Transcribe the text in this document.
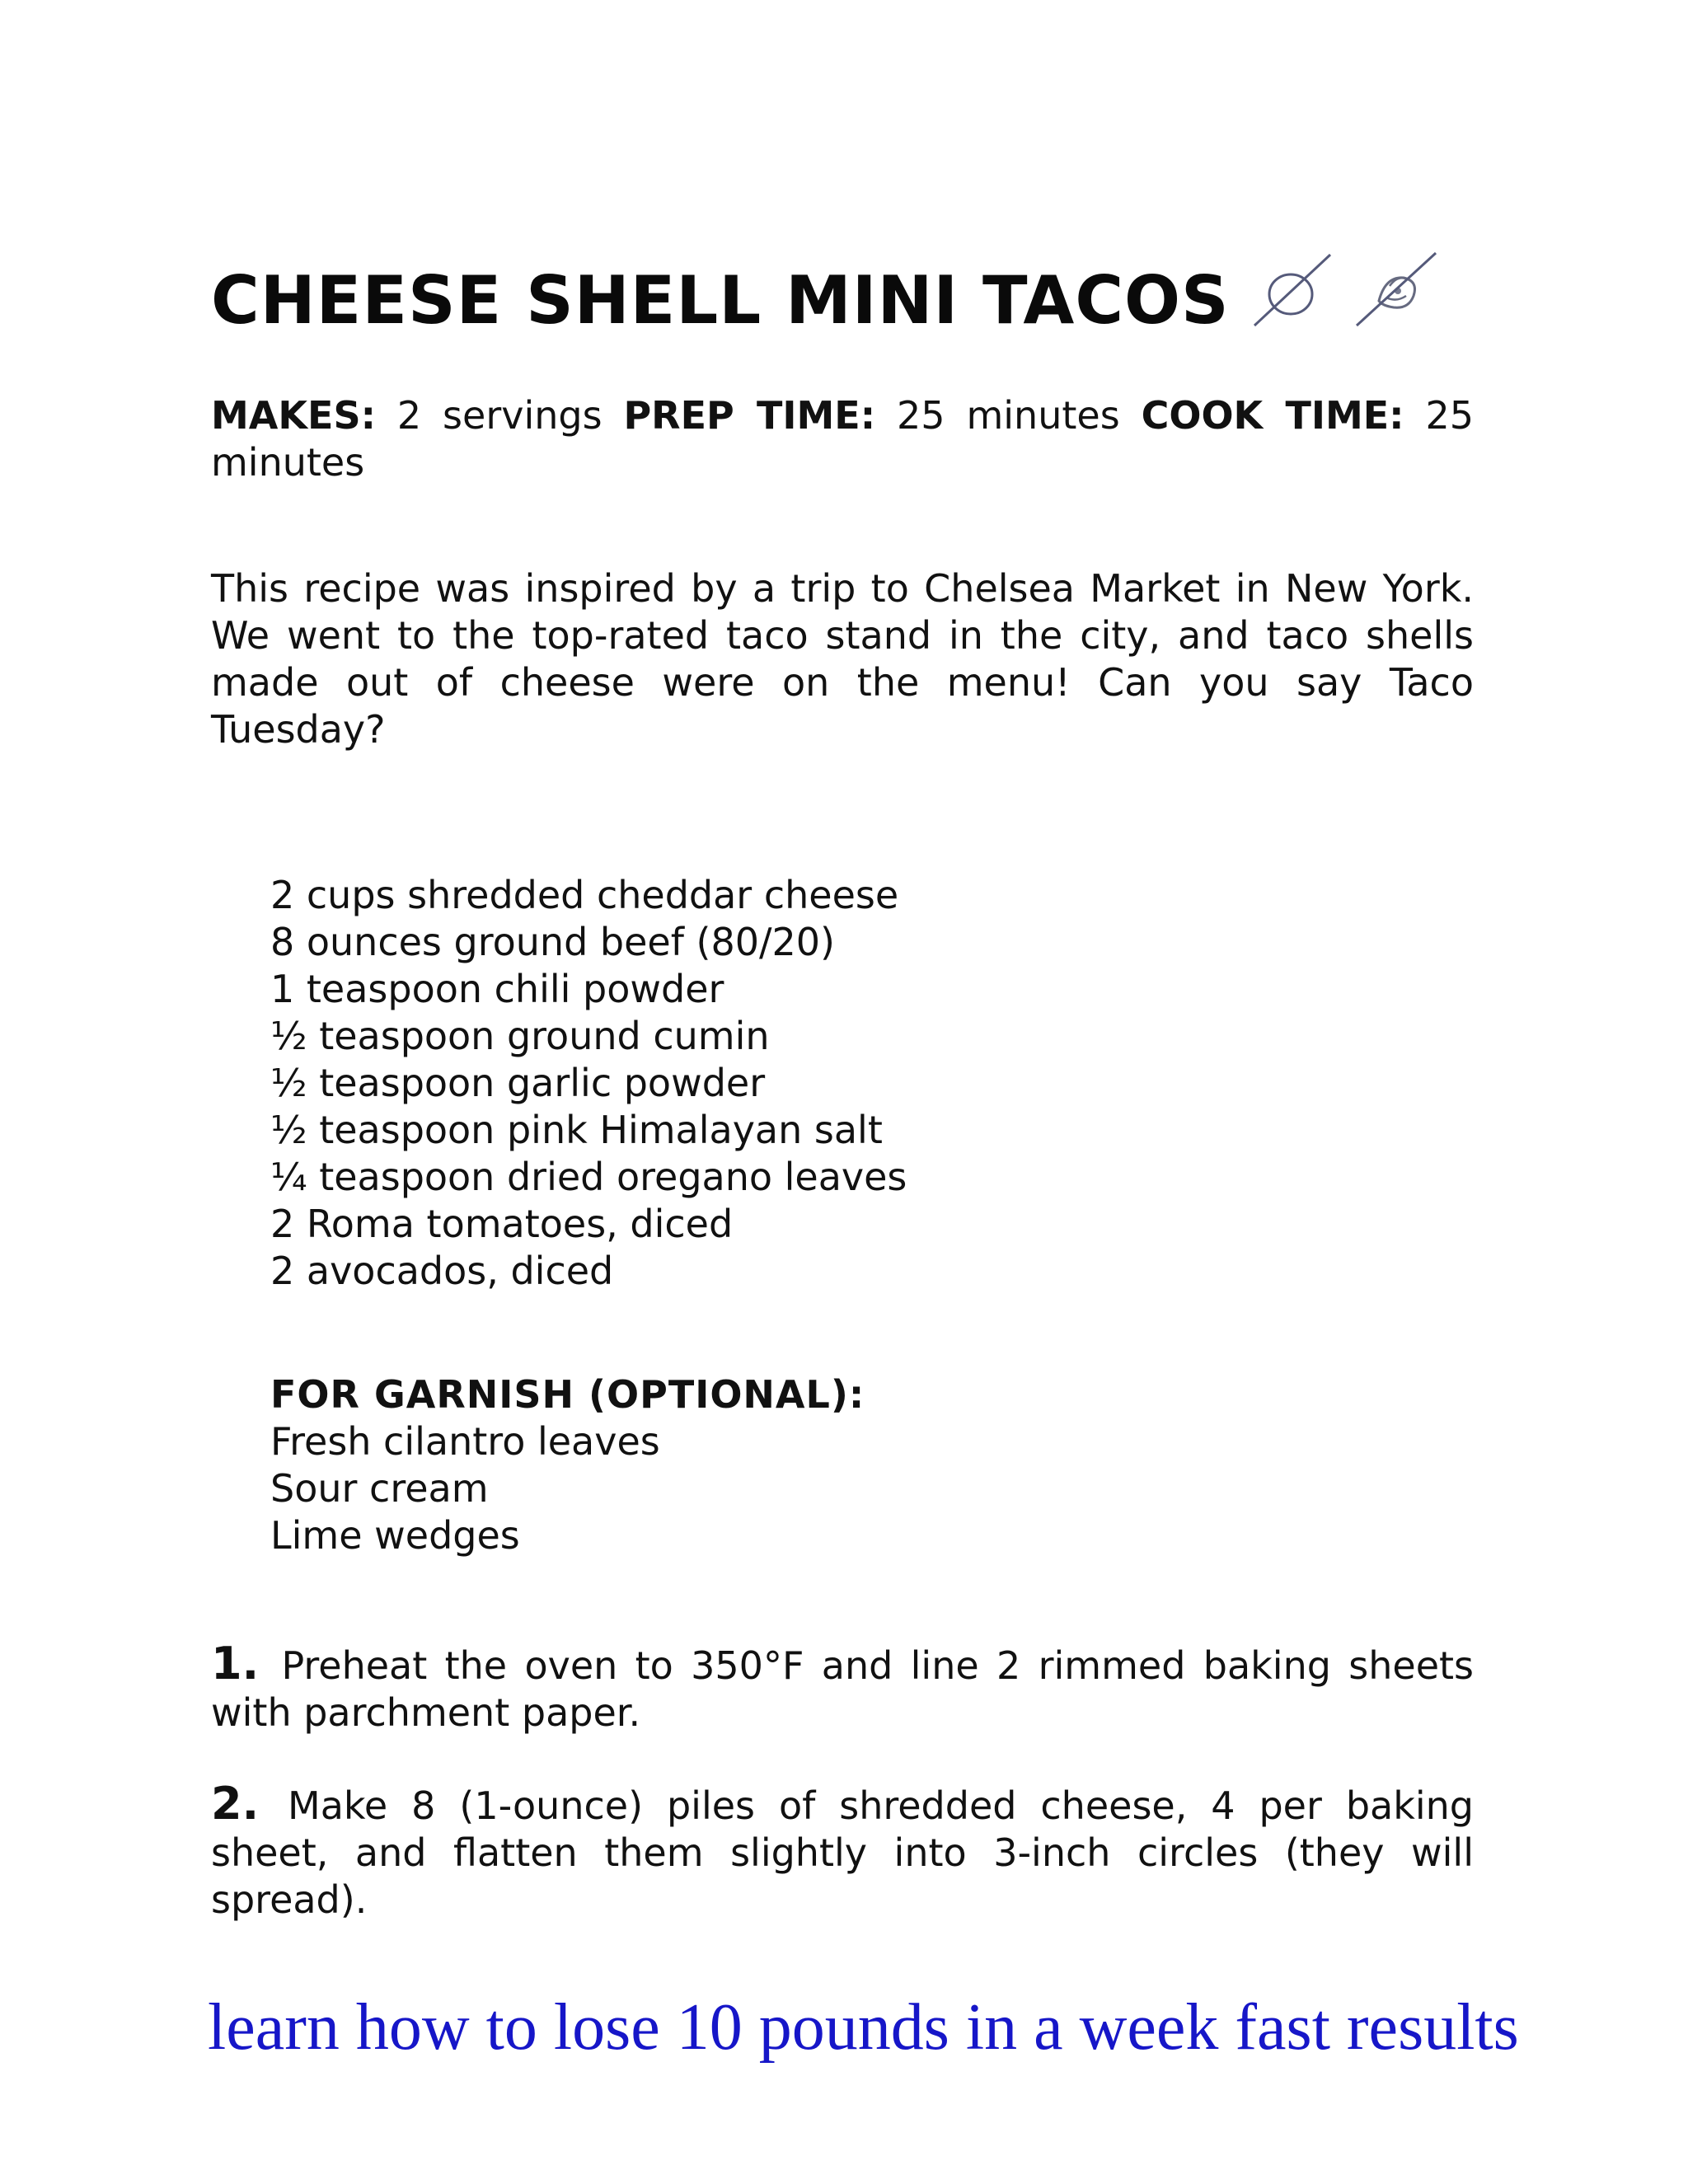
CHEESE SHELL MINI TACOS
MAKES: 2 servings PREP TIME: 25 minutes COOK TIME: 25 minutes

This recipe was inspired by a trip to Chelsea Market in New York. We went to the top-rated taco stand in the city, and taco shells made out of cheese were on the menu! Can you say Taco Tuesday?

2 cups shredded cheddar cheese
8 ounces ground beef (80/20)
1 teaspoon chili powder
½ teaspoon ground cumin
½ teaspoon garlic powder
½ teaspoon pink Himalayan salt
¼ teaspoon dried oregano leaves
2 Roma tomatoes, diced
2 avocados, diced
FOR GARNISH (OPTIONAL):
Fresh cilantro leaves
Sour cream
Lime wedges

1. Preheat the oven to 350°F and line 2 rimmed baking sheets with parchment paper.

2. Make 8 (1-ounce) piles of shredded cheese, 4 per baking sheet, and flatten them slightly into 3-inch circles (they will spread).

learn how to lose 10 pounds in a week fast results
